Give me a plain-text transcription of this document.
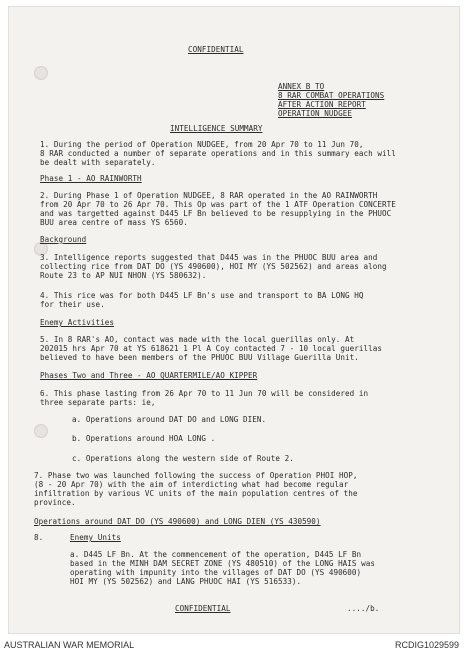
CONFIDENTIAL
ANNEX B TO
8 RAR COMBAT OPERATIONS
AFTER ACTION REPORT
OPERATION NUDGEE
INTELLIGENCE SUMMARY
1. During the period of Operation NUDGEE, from 20 Apr 70 to 11 Jun 70,
8 RAR conducted a number of separate operations and in this summary each will
be dealt with separately.
Phase 1 - AO RAINWORTH
2. During Phase 1 of Operation NUDGEE, 8 RAR operated in the AO RAINWORTH
from 20 Apr 70 to 26 Apr 70. This Op was part of the 1 ATF Operation CONCERTE
and was targetted against D445 LF Bn believed to be resupplying in the PHUOC
BUU area centre of mass YS 6560.
Background
3. Intelligence reports suggested that D445 was in the PHUOC BUU area and
collecting rice from DAT DO (YS 490600), HOI MY (YS 502562) and areas along
Route 23 to AP NUI NHON (YS 580632).
4. This rice was for both D445 LF Bn's use and transport to BA LONG HQ
for their use.
Enemy Activities
5. In 8 RAR's AO, contact was made with the local guerillas only. At
202015 hrs Apr 70 at YS 618621 1 Pl A Coy contacted 7 - 10 local guerillas
believed to have been members of the PHUOC BUU Village Guerilla Unit.
Phases Two and Three - AO QUARTERMILE/AO KIPPER
6. This phase lasting from 26 Apr 70 to 11 Jun 70 will be considered in
three separate parts: ie,
a. Operations around DAT DO and LONG DIEN.
b. Operations around HOA LONG .
c. Operations along the western side of Route 2.
7. Phase two was launched following the success of Operation PHOI HOP,
(8 - 20 Apr 70) with the aim of interdicting what had become regular
infiltration by various VC units of the main population centres of the
province.
Operations around DAT DO (YS 490600) and LONG DIEN (YS 430590)
8.	Enemy Units
a. D445 LF Bn. At the commencement of the operation, D445 LF Bn
based in the MINH DAM SECRET ZONE (YS 480510) of the LONG HAIS was
operating with impunity into the villages of DAT DO (YS 490600)
HOI MY (YS 502562) and LANG PHUOC HAI (YS 516533).
CONFIDENTIAL	..../b.
AUSTRALIAN WAR MEMORIAL	RCDIG1029599
